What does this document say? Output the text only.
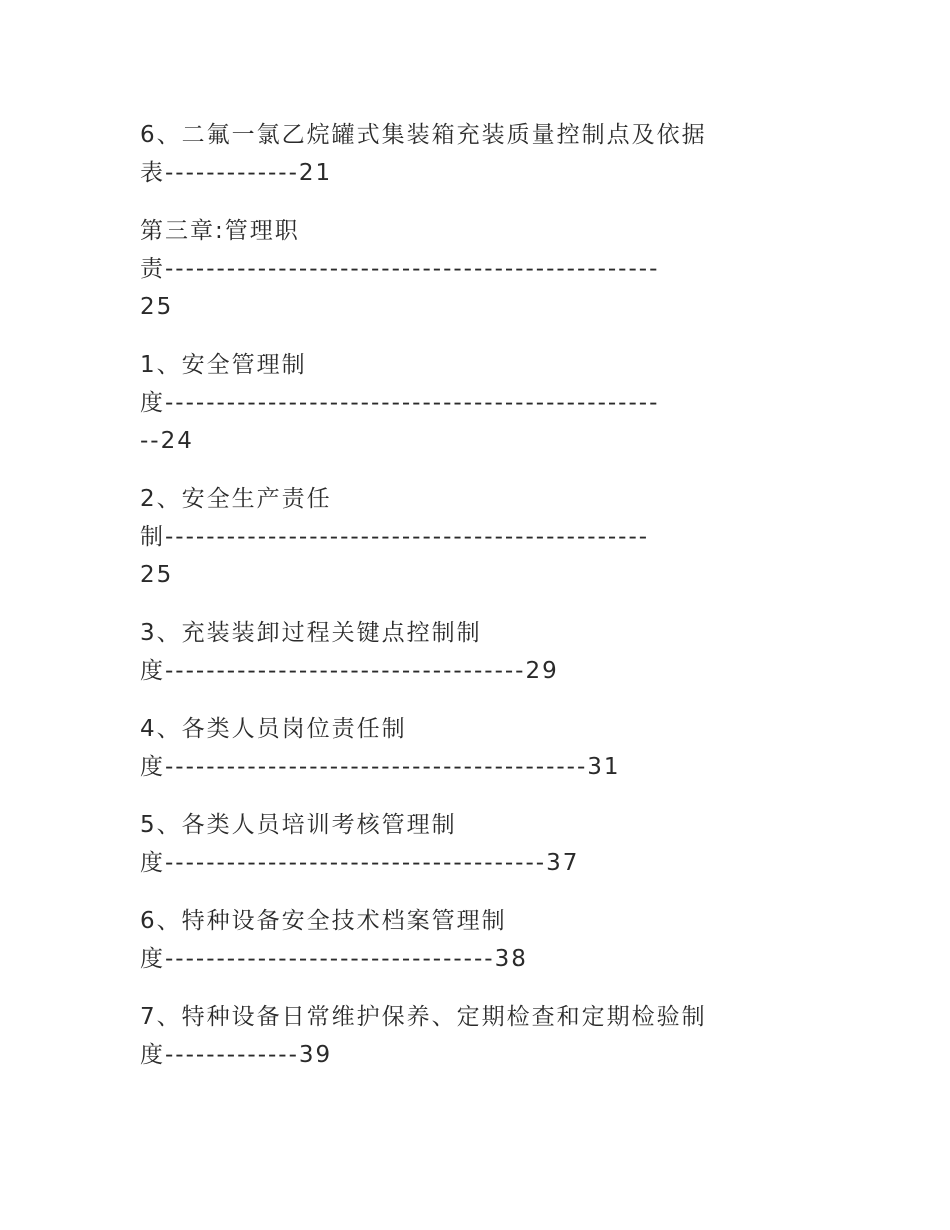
6、二氟一氯乙烷罐式集装箱充装质量控制点及依据
表-------------21
第三章:管理职
责------------------------------------------------
25
1、安全管理制
度------------------------------------------------
--24
2、安全生产责任
制-----------------------------------------------
25
3、充装装卸过程关键点控制制
度-----------------------------------29
4、各类人员岗位责任制
度-----------------------------------------31
5、各类人员培训考核管理制
度-------------------------------------37
6、特种设备安全技术档案管理制
度--------------------------------38
7、特种设备日常维护保养、定期检查和定期检验制
度-------------39
